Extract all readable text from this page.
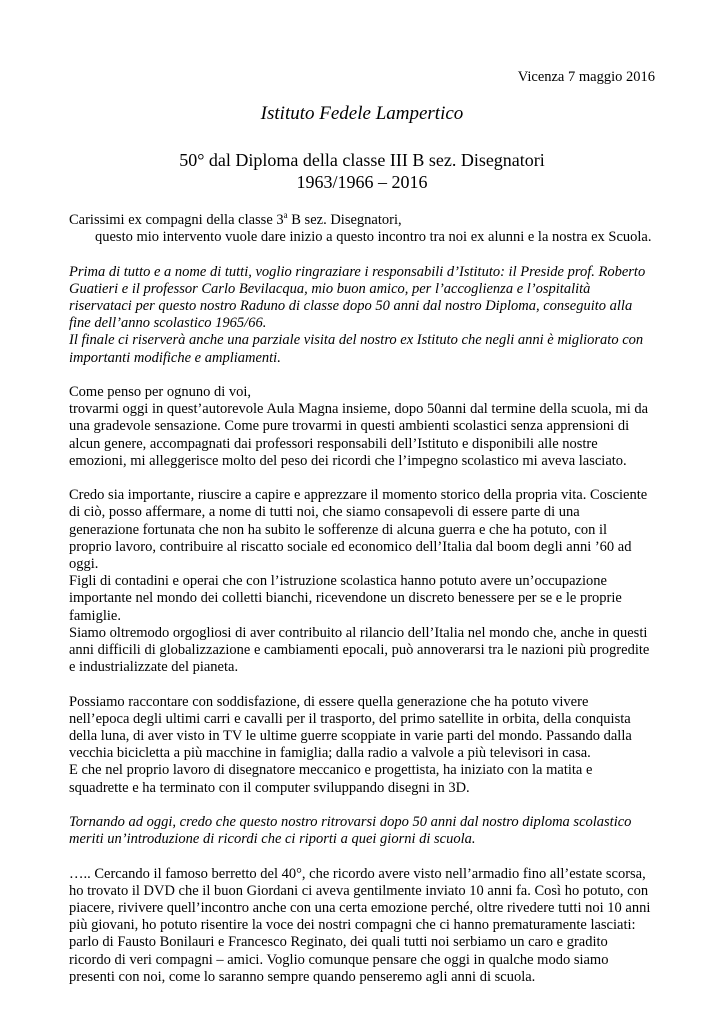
Vicenza 7 maggio 2016
Istituto Fedele Lampertico
50° dal Diploma della classe III B sez. Disegnatori
1963/1966 – 2016

Carissimi ex compagni della classe 3$^a$ B sez. Disegnatori,
questo mio intervento vuole dare inizio a questo incontro tra noi ex alunni e la nostra ex Scuola.

Prima di tutto e a nome di tutti, voglio ringraziare i responsabili d’Istituto: il Preside prof. Roberto
Guatieri e il professor Carlo Bevilacqua, mio buon amico, per l’accoglienza e l’ospitalità
riservataci per questo nostro Raduno di classe dopo 50 anni dal nostro Diploma, conseguito alla
fine dell’anno scolastico 1965/66.
Il finale ci riserverà anche una parziale visita del nostro ex Istituto che negli anni è migliorato con
importanti modifiche e ampliamenti.

Come penso per ognuno di voi,
trovarmi oggi in quest’autorevole Aula Magna insieme, dopo 50anni dal termine della scuola, mi da
una gradevole sensazione. Come pure trovarmi in questi ambienti scolastici senza apprensioni di
alcun genere, accompagnati dai professori responsabili dell’Istituto e disponibili alle nostre
emozioni, mi alleggerisce molto del peso dei ricordi che l’impegno scolastico mi aveva lasciato.

Credo sia importante, riuscire a capire e apprezzare il momento storico della propria vita. Cosciente
di ciò, posso affermare, a nome di tutti noi, che siamo consapevoli di essere parte di una
generazione fortunata che non ha subito le sofferenze di alcuna guerra e che ha potuto, con il
proprio lavoro, contribuire al riscatto sociale ed economico dell’Italia dal boom degli anni ’60 ad
oggi.
Figli di contadini e operai che con l’istruzione scolastica hanno potuto avere un’occupazione
importante nel mondo dei colletti bianchi, ricevendone un discreto benessere per se e le proprie
famiglie.
Siamo oltremodo orgogliosi di aver contribuito al rilancio dell’Italia nel mondo che, anche in questi
anni difficili di globalizzazione e cambiamenti epocali, può annoverarsi tra le nazioni più progredite
e industrializzate del pianeta.

Possiamo raccontare con soddisfazione, di essere quella generazione che ha potuto vivere
nell’epoca degli ultimi carri e cavalli per il trasporto, del primo satellite in orbita, della conquista
della luna, di aver visto in TV le ultime guerre scoppiate in varie parti del mondo. Passando dalla
vecchia bicicletta a più macchine in famiglia; dalla radio a valvole a più televisori in casa.
E che nel proprio lavoro di disegnatore meccanico e progettista, ha iniziato con la matita e
squadrette e ha terminato con il computer sviluppando disegni in 3D.

Tornando ad oggi, credo che questo nostro ritrovarsi dopo 50 anni dal nostro diploma scolastico
meriti un’introduzione di ricordi che ci riporti a quei giorni di scuola.

….. Cercando il famoso berretto del 40°, che ricordo avere visto nell’armadio fino all’estate scorsa,
ho trovato il DVD che il buon Giordani ci aveva gentilmente inviato 10 anni fa. Così ho potuto, con
piacere, rivivere quell’incontro anche con una certa emozione perché, oltre rivedere tutti noi 10 anni
più giovani, ho potuto risentire la voce dei nostri compagni che ci hanno prematuramente lasciati:
parlo di Fausto Bonilauri e Francesco Reginato, dei quali tutti noi serbiamo un caro e gradito
ricordo di veri compagni – amici. Voglio comunque pensare che oggi in qualche modo siamo
presenti con noi, come lo saranno sempre quando penseremo agli anni di scuola.
